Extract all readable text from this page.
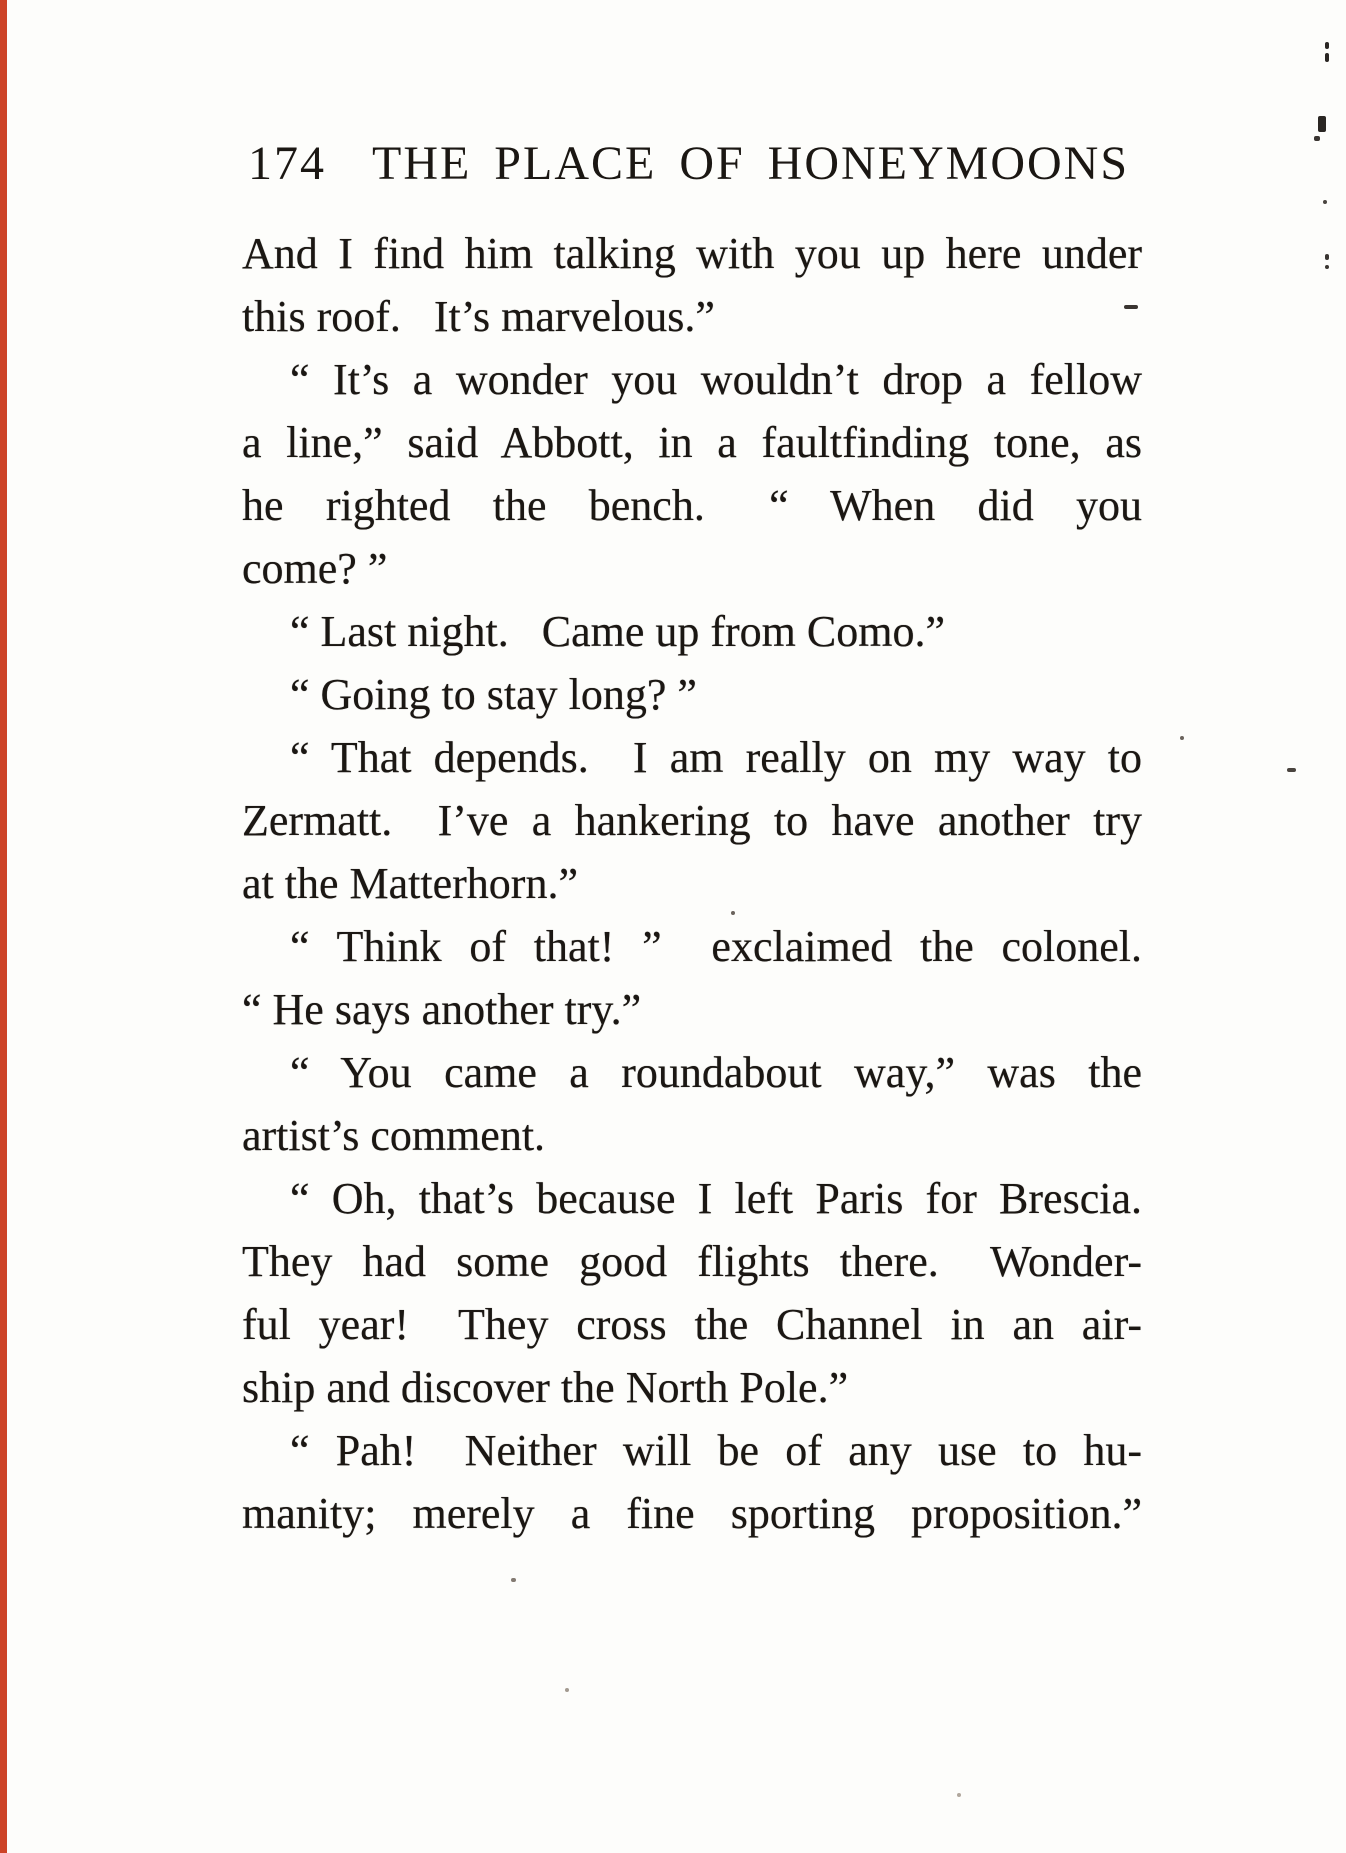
174 THE PLACE OF HONEYMOONS
And I find him talking with you up here under
this roof.  It’s marvelous.”
“ It’s a wonder you wouldn’t drop a fellow
a line,” said Abbott, in a faultfinding tone, as
he righted the bench.  “ When did you
come? ”
“ Last night.  Came up from Como.”
“ Going to stay long? ”
“ That depends.  I am really on my way to
Zermatt.  I’ve a hankering to have another try
at the Matterhorn.”
“ Think of that! ”  exclaimed the colonel.
“ He says another try.”
“ You came a roundabout way,” was the
artist’s comment.
“ Oh, that’s because I left Paris for Brescia.
They had some good flights there.  Wonder-
ful year!  They cross the Channel in an air-
ship and discover the North Pole.”
“ Pah!  Neither will be of any use to hu-
manity; merely a fine sporting proposition.”
